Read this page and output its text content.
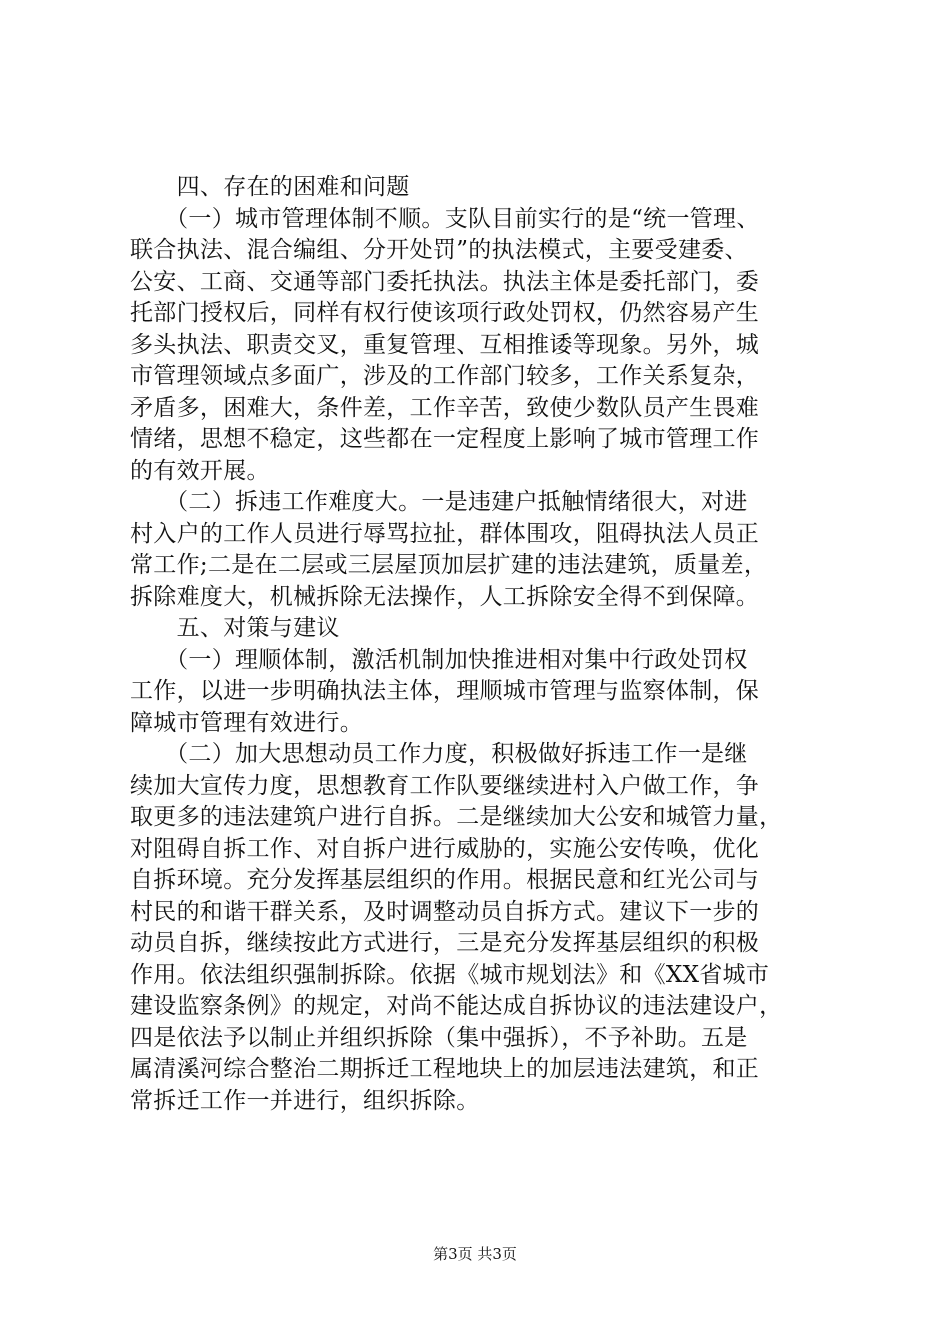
　　四、存在的困难和问题
　　（一）城市管理体制不顺。支队目前实行的是“统一管理、
联合执法、混合编组、分开处罚”的执法模式，主要受建委、
公安、工商、交通等部门委托执法。执法主体是委托部门，委
托部门授权后，同样有权行使该项行政处罚权，仍然容易产生
多头执法、职责交叉，重复管理、互相推诿等现象。另外，城
市管理领域点多面广，涉及的工作部门较多，工作关系复杂，
矛盾多，困难大，条件差，工作辛苦，致使少数队员产生畏难
情绪，思想不稳定，这些都在一定程度上影响了城市管理工作
的有效开展。
　　（二）拆违工作难度大。一是违建户抵触情绪很大，对进
村入户的工作人员进行辱骂拉扯，群体围攻，阻碍执法人员正
常工作;二是在二层或三层屋顶加层扩建的违法建筑，质量差，
拆除难度大，机械拆除无法操作，人工拆除安全得不到保障。
　　五、对策与建议
　　（一）理顺体制，激活机制加快推进相对集中行政处罚权
工作，以进一步明确执法主体，理顺城市管理与监察体制，保
障城市管理有效进行。
　　（二）加大思想动员工作力度，积极做好拆违工作一是继
续加大宣传力度，思想教育工作队要继续进村入户做工作，争
取更多的违法建筑户进行自拆。二是继续加大公安和城管力量，
对阻碍自拆工作、对自拆户进行威胁的，实施公安传唤，优化
自拆环境。充分发挥基层组织的作用。根据民意和红光公司与
村民的和谐干群关系，及时调整动员自拆方式。建议下一步的
动员自拆，继续按此方式进行，三是充分发挥基层组织的积极
作用。依法组织强制拆除。依据《城市规划法》和《XX省城市
建设监察条例》的规定，对尚不能达成自拆协议的违法建设户，
四是依法予以制止并组织拆除（集中强拆），不予补助。五是
属清溪河综合整治二期拆迁工程地块上的加层违法建筑，和正
常拆迁工作一并进行，组织拆除。
第3页 共3页
